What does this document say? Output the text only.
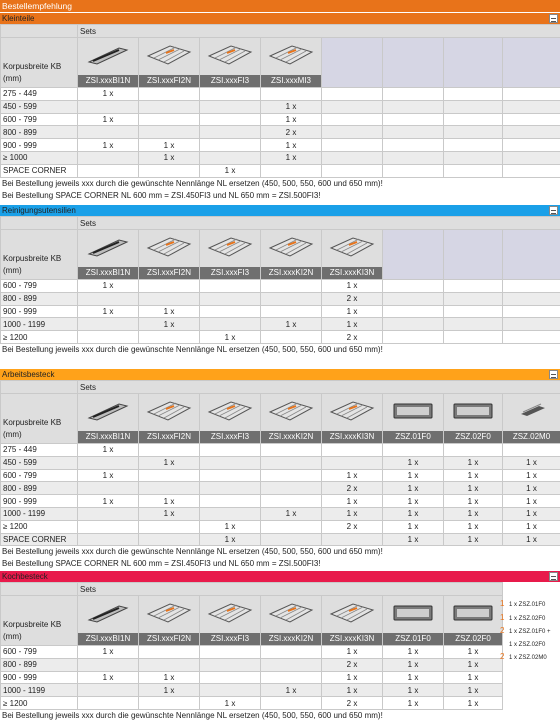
Bestellempfehlung
Kleinteile
	Sets							
Korpusbreite KB (mm)	ZSI.xxxBI1N	ZSI.xxxFI2N	ZSI.xxxFI3	ZSI.xxxMI3				

275 - 449	1 x							
450 - 599				1 x				
600 - 799	1 x			1 x				
800 - 899				2 x				
900 - 999	1 x	1 x		1 x				
≥ 1000		1 x		1 x				
SPACE CORNER			1 x					
Bei Bestellung jeweils xxx durch die gewünschte Nennlänge NL ersetzen (450, 500, 550, 600 und 650 mm)!
Bei Bestellung SPACE CORNER NL 600 mm = ZSI.450FI3 und NL 650 mm = ZSI.500FI3!
Reinigungsutensilien
	Sets							
Korpusbreite KB (mm)	ZSI.xxxBI1N	ZSI.xxxFI2N	ZSI.xxxFI3	ZSI.xxxKI2N	ZSI.xxxKI3N			

600 - 799	1 x				1 x			
800 - 899					2 x			
900 - 999	1 x	1 x			1 x			
1000 - 1199		1 x		1 x	1 x			
≥ 1200			1 x		2 x			
Bei Bestellung jeweils xxx durch die gewünschte Nennlänge NL ersetzen (450, 500, 550, 600 und 650 mm)!
Arbeitsbesteck
	Sets							
Korpusbreite KB (mm)	ZSI.xxxBI1N	ZSI.xxxFI2N	ZSI.xxxFI3	ZSI.xxxKI2N	ZSI.xxxKI3N	ZSZ.01F0	ZSZ.02F0	ZSZ.02M0

275 - 449	1 x							
450 - 599		1 x				1 x	1 x	1 x
600 - 799	1 x				1 x	1 x	1 x	1 x
800 - 899					2 x	1 x	1 x	1 x
900 - 999	1 x	1 x			1 x	1 x	1 x	1 x
1000 - 1199		1 x		1 x	1 x	1 x	1 x	1 x
≥ 1200			1 x		2 x	1 x	1 x	1 x
SPACE CORNER			1 x			1 x	1 x	1 x
Bei Bestellung jeweils xxx durch die gewünschte Nennlänge NL ersetzen (450, 500, 550, 600 und 650 mm)!
Bei Bestellung SPACE CORNER NL 600 mm = ZSI.450FI3 und NL 650 mm = ZSI.500FI3!
Kochbesteck
	Sets						
Korpusbreite KB (mm)	ZSI.xxxBI1N	ZSI.xxxFI2N	ZSI.xxxFI3	ZSI.xxxKI2N	ZSI.xxxKI3N	ZSZ.01F0	ZSZ.02F0

600 - 799	1 x				1 x	1 x	1 x
800 - 899					2 x	1 x	1 x
900 - 999	1 x	1 x			1 x	1 x	1 x
1000 - 1199		1 x		1 x	1 x	1 x	1 x
≥ 1200			1 x		2 x	1 x	1 x
Bei Bestellung jeweils xxx durch die gewünschte Nennlänge NL ersetzen (450, 500, 550, 600 und 650 mm)!
1 1 x ZSZ.01F0
1 1 x ZSZ.02F0
2 1 x ZSZ.01F0 +
1 x ZSZ.02F0
2 1 x ZSZ.02M0
